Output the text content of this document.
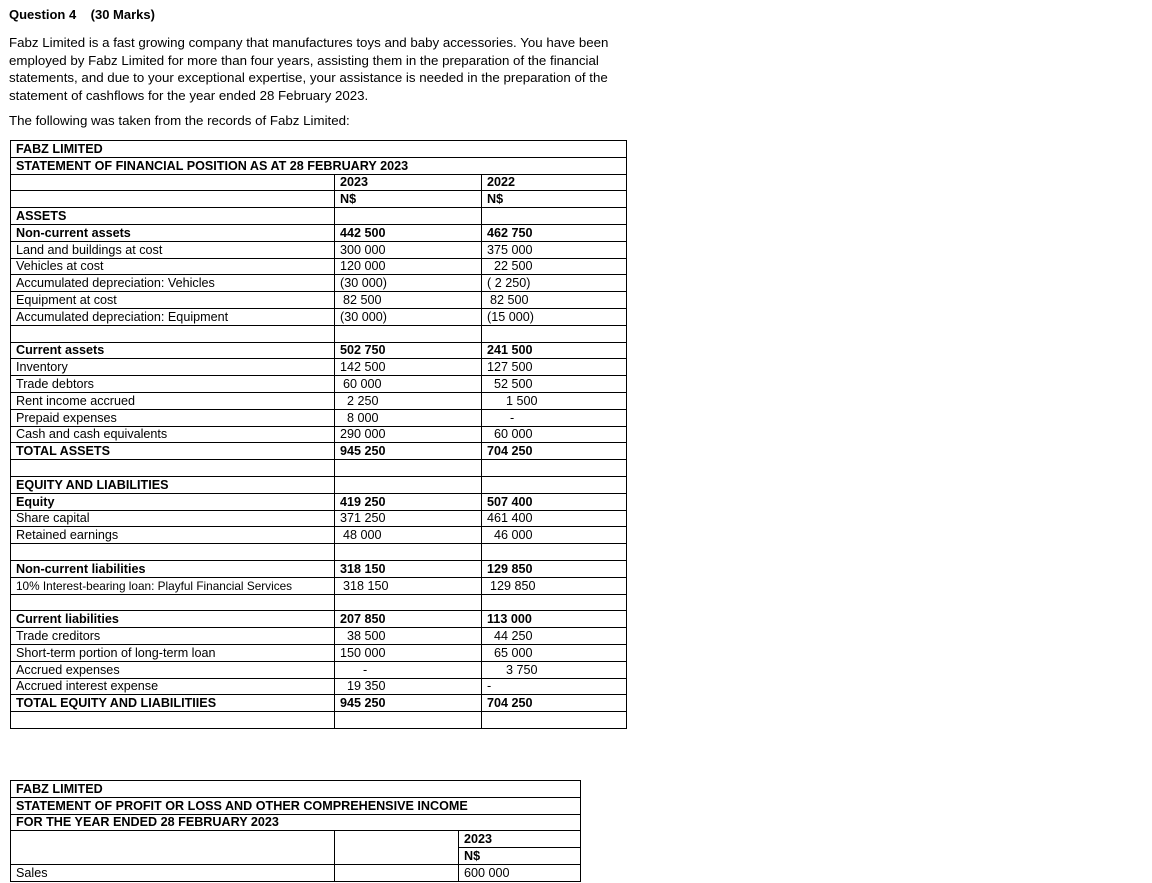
Question 4 (30 Marks)
Fabz Limited is a fast growing company that manufactures toys and baby accessories. You have been employed by Fabz Limited for more than four years, assisting them in the preparation of the financial statements, and due to your exceptional expertise, your assistance is needed in the preparation of the statement of cashflows for the year ended 28 February 2023.
The following was taken from the records of Fabz Limited:
FABZ LIMITED		
STATEMENT OF FINANCIAL POSITION AS AT 28 FEBRUARY 2023		
	2023	2022
	N$	N$
ASSETS		
Non-current assets	442 500	462 750
Land and buildings at cost	300 000	375 000
Vehicles at cost	120 000	22 500
Accumulated depreciation: Vehicles	(30 000)	( 2 250)
Equipment at cost	82 500	82 500
Accumulated depreciation: Equipment	(30 000)	(15 000)

Current assets	502 750	241 500
Inventory	142 500	127 500
Trade debtors	60 000	52 500
Rent income accrued	2 250	1 500
Prepaid expenses	8 000	-
Cash and cash equivalents	290 000	60 000
TOTAL ASSETS	945 250	704 250

EQUITY AND LIABILITIES		
Equity	419 250	507 400
Share capital	371 250	461 400
Retained earnings	48 000	46 000

Non-current liabilities	318 150	129 850
10% Interest-bearing loan: Playful Financial Services	318 150	129 850

Current liabilities	207 850	113 000
Trade creditors	38 500	44 250
Short-term portion of long-term loan	150 000	65 000
Accrued expenses	-	3 750
Accrued interest expense	19 350	-
TOTAL EQUITY AND LIABILITIIES	945 250	704 250

FABZ LIMITED		
STATEMENT OF PROFIT OR LOSS AND OTHER COMPREHENSIVE INCOME		
FOR THE YEAR ENDED 28 FEBRUARY 2023		
		2023
		N$
Sales		600 000
